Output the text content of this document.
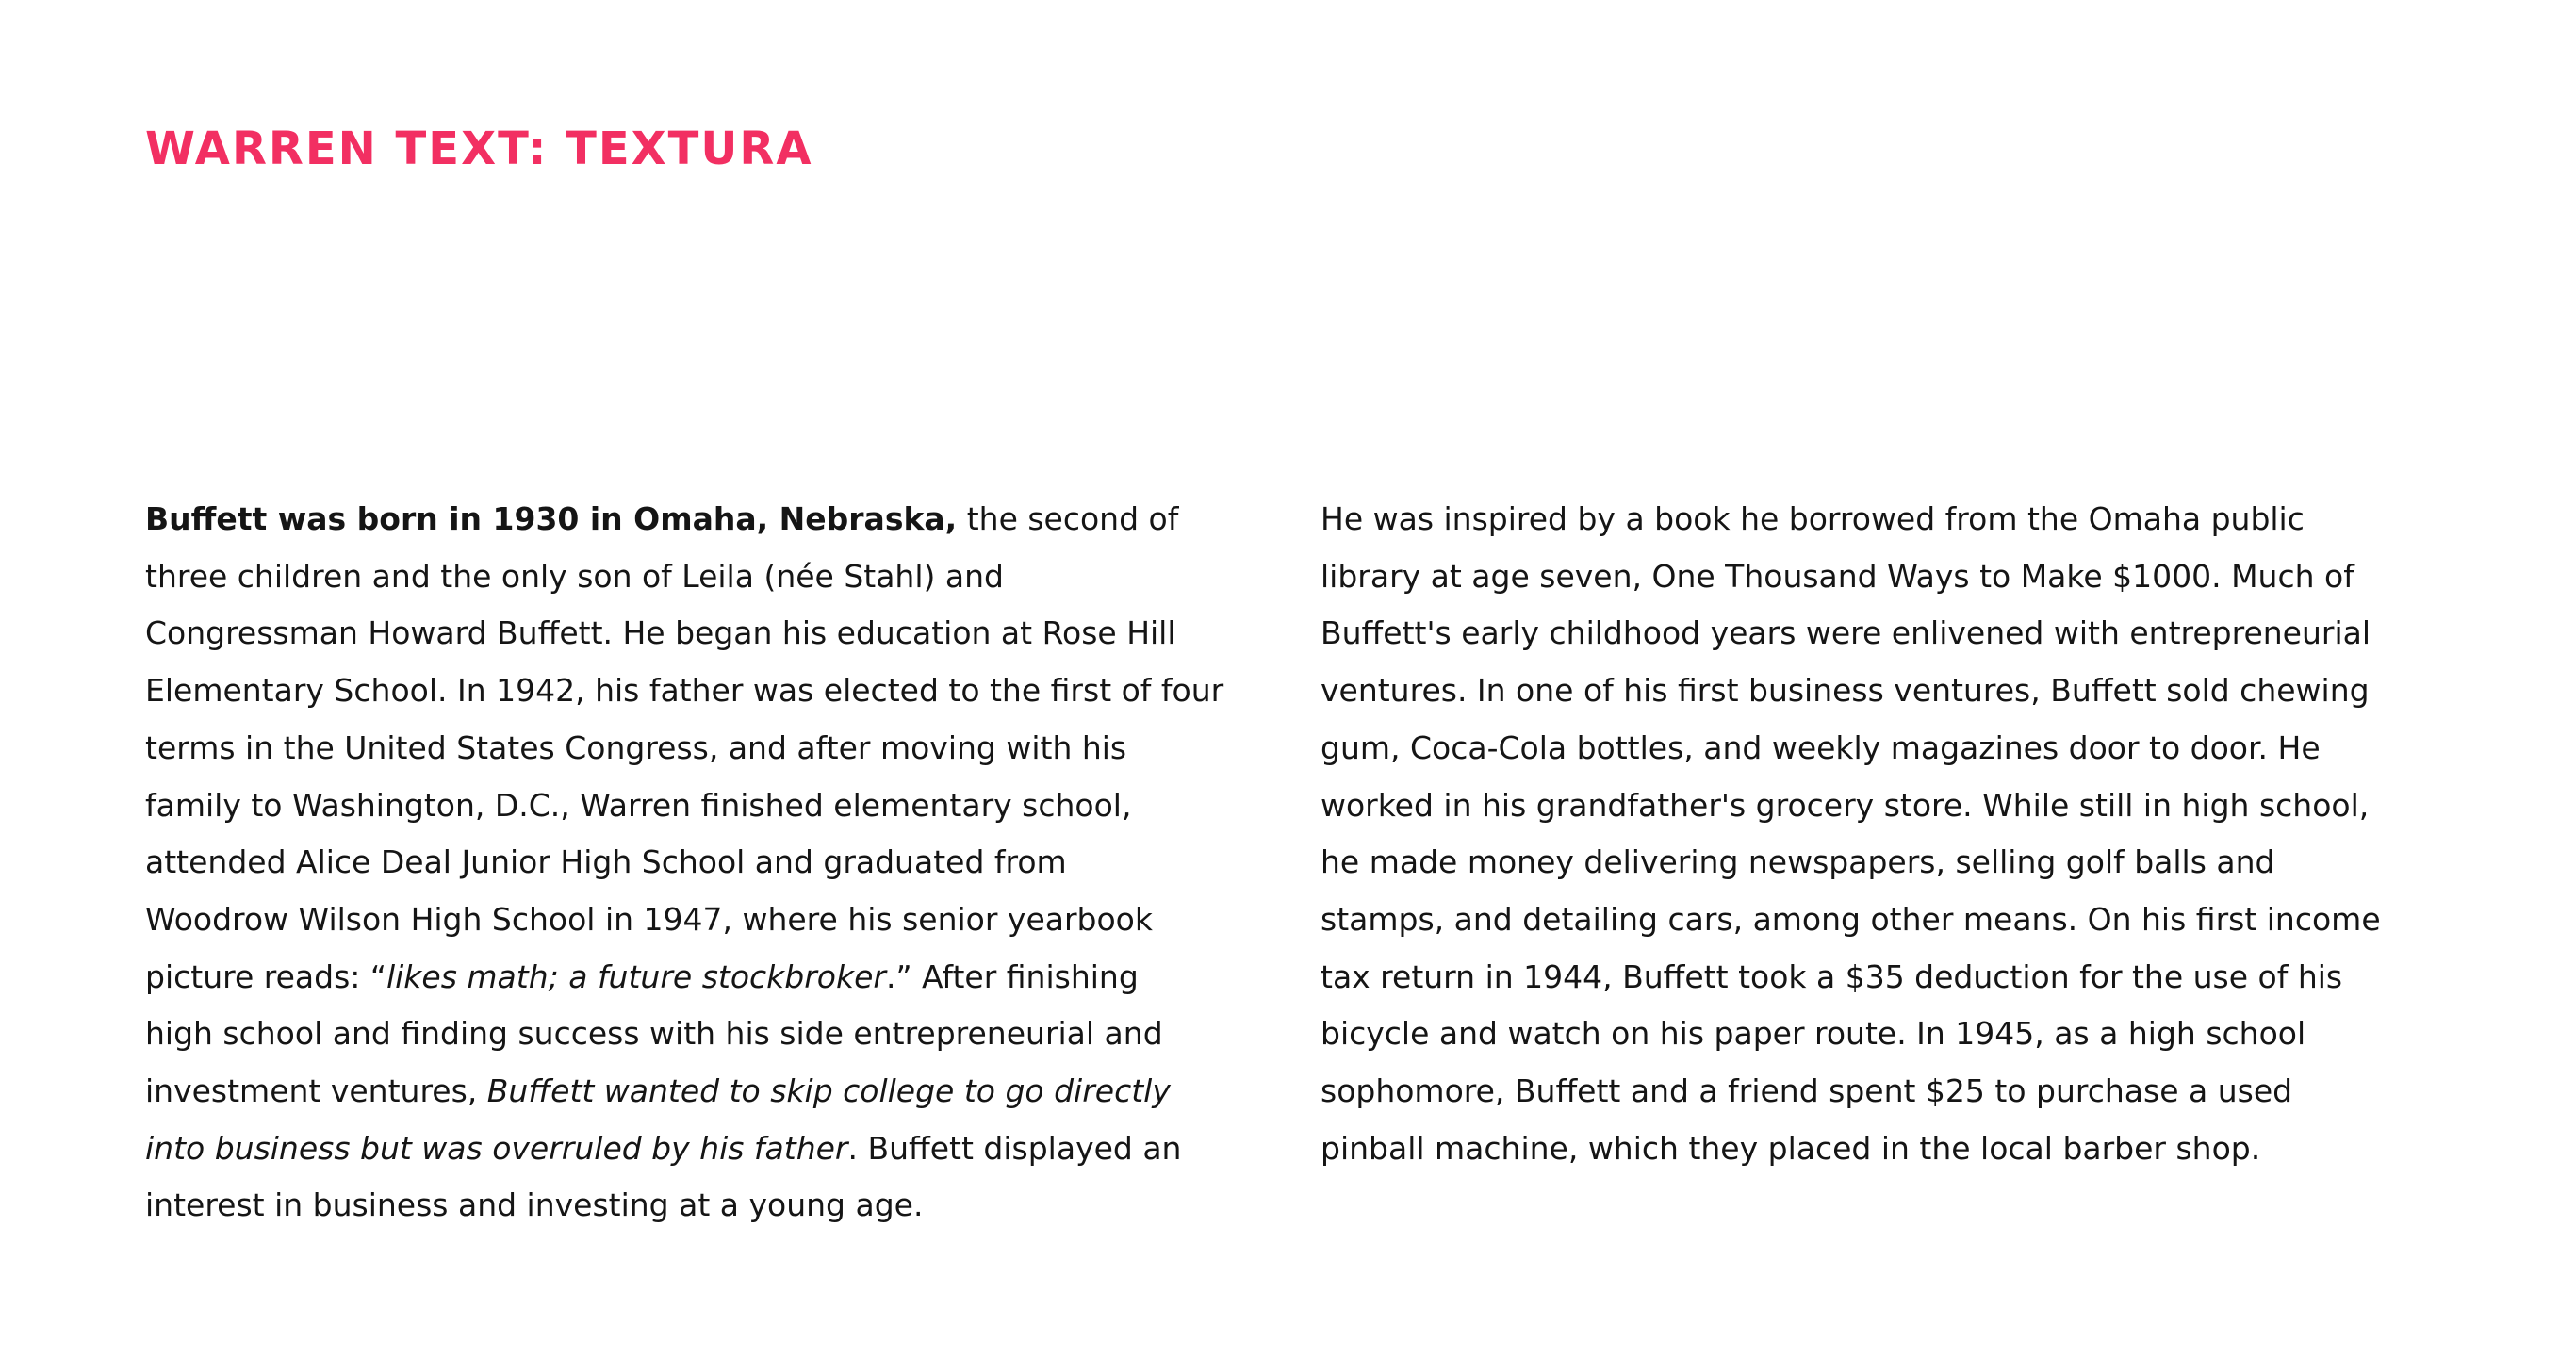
WARREN TEXT: TEXTURA
Buffett was born in 1930 in Omaha, Nebraska, the second of
three children and the only son of Leila (née Stahl) and
Congressman Howard Buffett. He began his education at Rose Hill
Elementary School. In 1942, his father was elected to the first of four
terms in the United States Congress, and after moving with his
family to Washington, D.C., Warren finished elementary school,
attended Alice Deal Junior High School and graduated from
Woodrow Wilson High School in 1947, where his senior yearbook
picture reads: “likes math; a future stockbroker.” After finishing
high school and finding success with his side entrepreneurial and
investment ventures, Buffett wanted to skip college to go directly
into business but was overruled by his father. Buffett displayed an
interest in business and investing at a young age.
He was inspired by a book he borrowed from the Omaha public
library at age seven, One Thousand Ways to Make $1000. Much of
Buffett's early childhood years were enlivened with entrepreneurial
ventures. In one of his first business ventures, Buffett sold chewing
gum, Coca-Cola bottles, and weekly magazines door to door. He
worked in his grandfather's grocery store. While still in high school,
he made money delivering newspapers, selling golf balls and
stamps, and detailing cars, among other means. On his first income
tax return in 1944, Buffett took a $35 deduction for the use of his
bicycle and watch on his paper route. In 1945, as a high school
sophomore, Buffett and a friend spent $25 to purchase a used
pinball machine, which they placed in the local barber shop.
